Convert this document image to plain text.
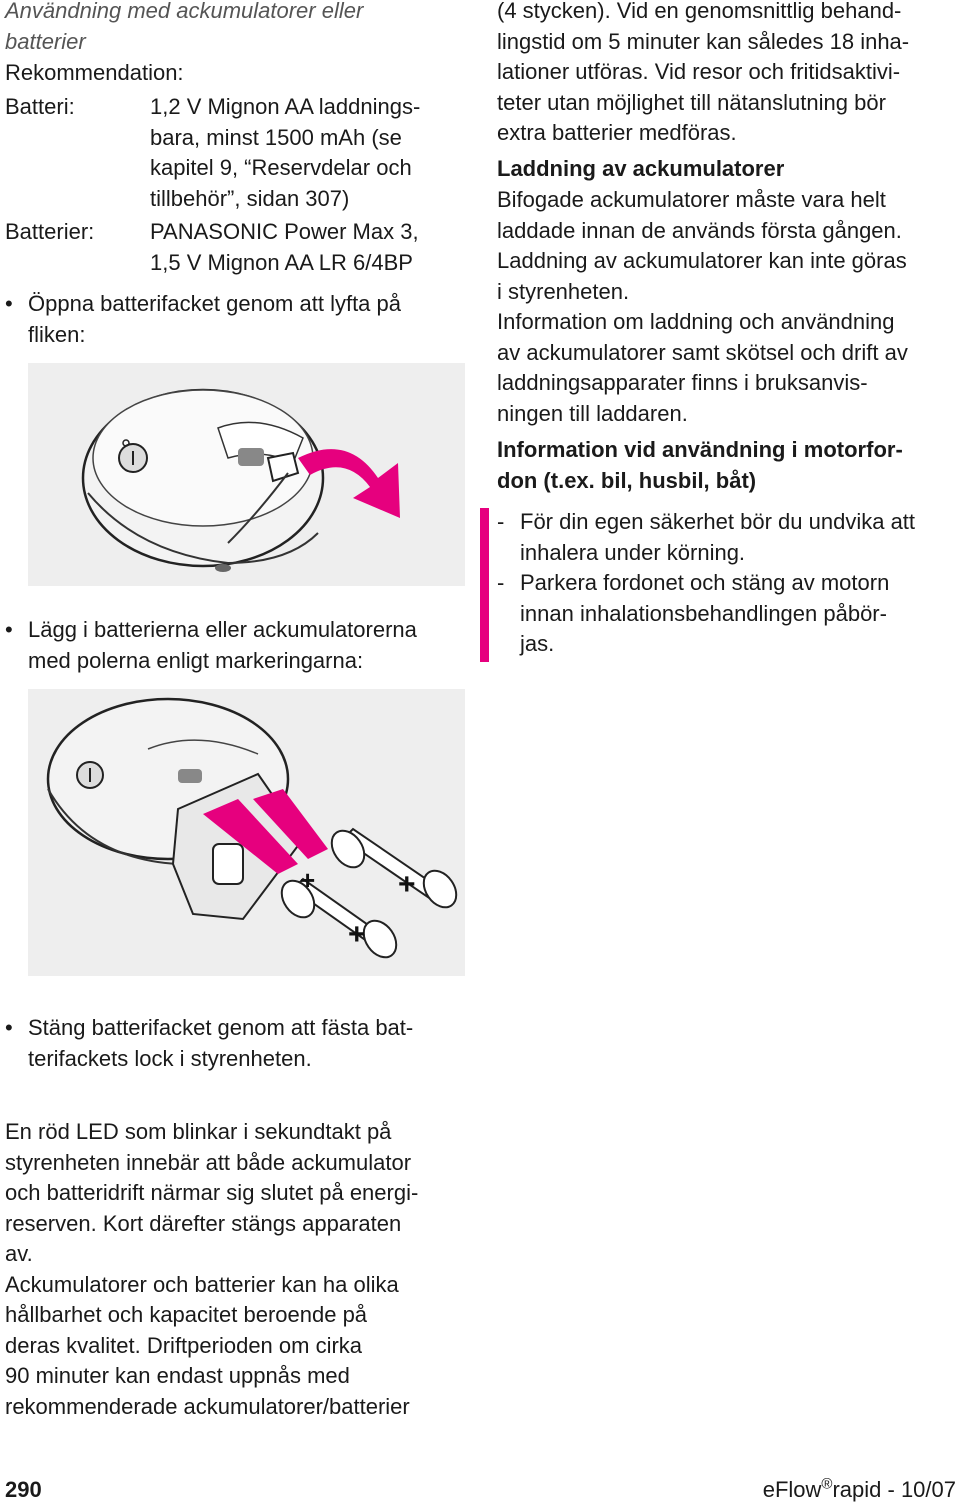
Användning med ackumulatorer eller
batterier
Rekommendation:
Batteri:	1,2 V Mignon AA laddnings-
bara, minst 1500 mAh (se
kapitel 9, “Reservdelar och
tillbehör”, sidan 307)
Batterier:	PANASONIC Power Max 3,
1,5 V Mignon AA LR 6/4BP
• Öppna batterifacket genom att lyfta på
fliken:
• Lägg i batterierna eller ackumulatorerna
med polerna enligt markeringarna:
+
+
+
• Stäng batterifacket genom att fästa bat-
terifackets lock i styrenheten.
En röd LED som blinkar i sekundtakt på
styrenheten innebär att både ackumulator
och batteridrift närmar sig slutet på energi-
reserven. Kort därefter stängs apparaten
av.
Ackumulatorer och batterier kan ha olika
hållbarhet och kapacitet beroende på
deras kvalitet. Driftperioden om cirka
90 minuter kan endast uppnås med
rekommenderade ackumulatorer/batterier
(4 stycken). Vid en genomsnittlig behand-
lingstid om 5 minuter kan således 18 inha-
lationer utföras. Vid resor och fritidsaktivi-
teter utan möjlighet till nätanslutning bör
extra batterier medföras.
Laddning av ackumulatorer
Bifogade ackumulatorer måste vara helt
laddade innan de används första gången.
Laddning av ackumulatorer kan inte göras
i styrenheten.
Information om laddning och användning
av ackumulatorer samt skötsel och drift av
laddningsapparater finns i bruksanvis-
ningen till laddaren.
Information vid användning i motorfor-
don (t.ex. bil, husbil, båt)
- För din egen säkerhet bör du undvika att
inhalera under körning.
- Parkera fordonet och stäng av motorn
innan inhalationsbehandlingen påbör-
jas.
290	eFlow®rapid - 10/07
